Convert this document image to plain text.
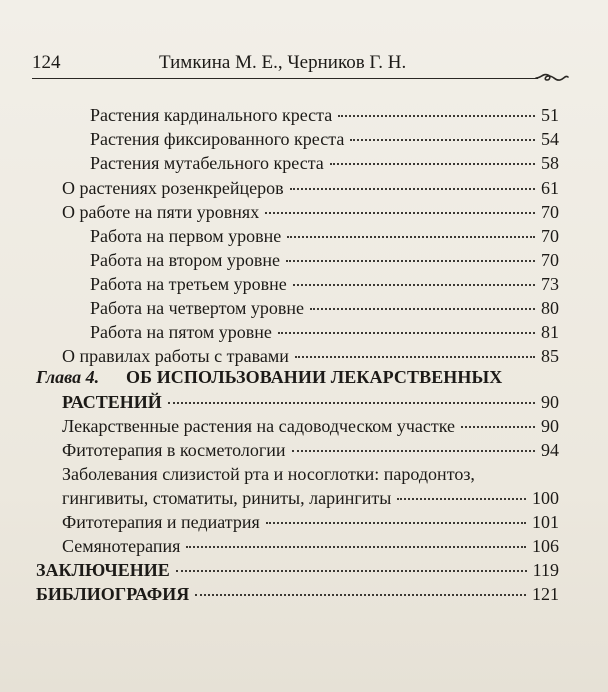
124	Тимкина М. Е., Черников Г. Н.
Растения кардинального креста	51
Растения фиксированного креста	54
Растения мутабельного креста	58
О растениях розенкрейцеров	61
О работе на пяти уровнях	70
Работа на первом уровне	70
Работа на втором уровне	70
Работа на третьем уровне	73
Работа на четвертом уровне	80
Работа на пятом уровне	81
О правилах работы с травами	85
Глава 4. ОБ ИСПОЛЬЗОВАНИИ ЛЕКАРСТВЕННЫХ
РАСТЕНИЙ	90
Лекарственные растения на садоводческом участке	90
Фитотерапия в косметологии	94
Заболевания слизистой рта и носоглотки: пародонтоз,
гингивиты, стоматиты, риниты, ларингиты	100
Фитотерапия и педиатрия	101
Семянотерапия	106
ЗАКЛЮЧЕНИЕ	119
БИБЛИОГРАФИЯ	121
